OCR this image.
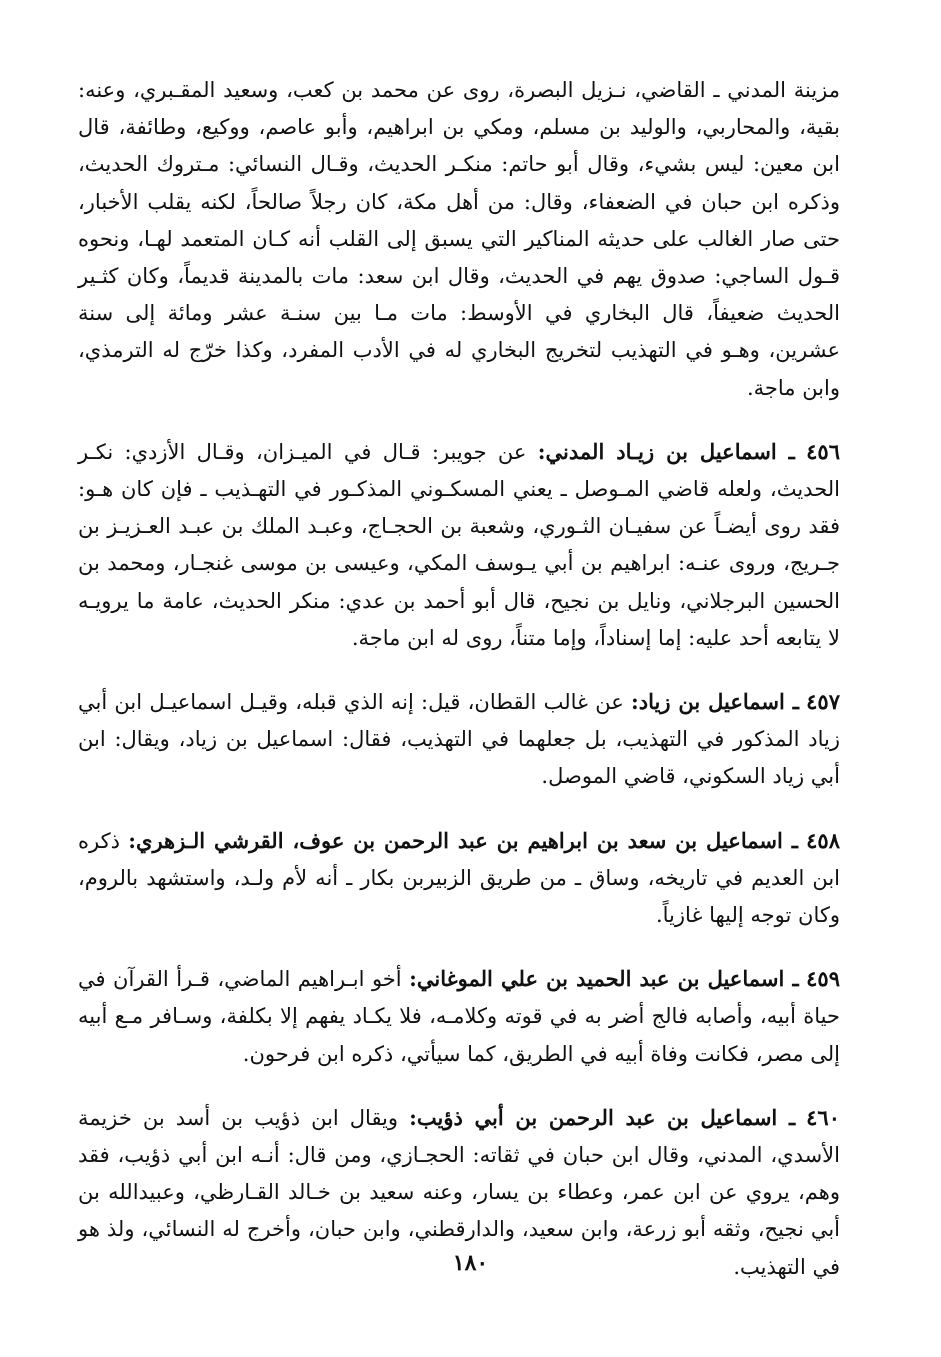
مزينة المدني ـ القاضي، نـزيل البصرة، روى عن محمد بن كعب، وسعيد المقـبري، وعنه: بقية، والمحاربي، والوليد بن مسلم، ومكي بن ابراهيم، وأبو عاصم، ووكيع، وطائفة، قال ابن معين: ليس بشيء، وقال أبو حاتم: منكـر الحديث، وقـال النسائي: مـتروك الحديث، وذكره ابن حبان في الضعفاء، وقال: من أهل مكة، كان رجلاً صالحاً، لكنه يقلب الأخبار، حتى صار الغالب على حديثه المناكير التي يسبق إلى القلب أنه كـان المتعمد لهـا، ونحوه قـول الساجي: صدوق يهم في الحديث، وقال ابن سعد: مات بالمدينة قديماً، وكان كثـير الحديث ضعيفاً، قال البخاري في الأوسط: مات مـا بين سنـة عشر ومائة إلى سنة عشرين، وهـو في التهذيب لتخريج البخاري له في الأدب المفرد، وكذا خرّج له الترمذي، وابن ماجة.

٤٥٦ ـ اسماعيل بن زيـاد المدني: عن جويبر: قـال في الميـزان، وقـال الأزدي: نكـر الحديث، ولعله قاضي المـوصل ـ يعني المسكـوني المذكـور في التهـذيب ـ فإن كان هـو: فقد روى أيضـاً عن سفيـان الثـوري، وشعبة بن الحجـاج، وعبـد الملك بن عبـد العـزيـز بن جـريج، وروى عنـه: ابراهيم بن أبي يـوسف المكي، وعيسى بن موسى غنجـار، ومحمد بن الحسين البرجلاني، ونايل بن نجيح، قال أبو أحمد بن عدي: منكر الحديث، عامة ما يرويـه لا يتابعه أحد عليه: إما إسناداً، وإما متناً، روى له ابن ماجة.

٤٥٧ ـ اسماعيل بن زياد: عن غالب القطان، قيل: إنه الذي قبله، وقيـل اسماعيـل ابن أبي زياد المذكور في التهذيب، بل جعلهما في التهذيب، فقال: اسماعيل بن زياد، ويقال: ابن أبي زياد السكوني، قاضي الموصل.

٤٥٨ ـ اسماعيل بن سعد بن ابراهيم بن عبد الرحمن بن عوف، القرشي الـزهري: ذكره ابن العديم في تاريخه، وساق ـ من طريق الزبيربن بكار ـ أنه لأم ولـد، واستشهد بالروم، وكان توجه إليها غازياً.

٤٥٩ ـ اسماعيل بن عبد الحميد بن علي الموغاني: أخو ابـراهيم الماضي، قـرأ القرآن في حياة أبيه، وأصابه فالج أضر به في قوته وكلامـه، فلا يكـاد يفهم إلا بكلفة، وسـافر مـع أبيه إلى مصر، فكانت وفاة أبيه في الطريق، كما سيأتي، ذكره ابن فرحون.

٤٦٠ ـ اسماعيل بن عبد الرحمن بن أبي ذؤيب: ويقال ابن ذؤيب بن أسد بن خزيمة الأسدي، المدني، وقال ابن حبان في ثقاته: الحجـازي، ومن قال: أنـه ابن أبي ذؤيب، فقد وهم، يروي عن ابن عمر، وعطاء بن يسار، وعنه سعيد بن خـالد القـارظي، وعبيدالله بن أبي نجيح، وثقه أبو زرعة، وابن سعيد، والدارقطني، وابن حبان، وأخرج له النسائي، ولذ هو في التهذيب.

١٨٠
